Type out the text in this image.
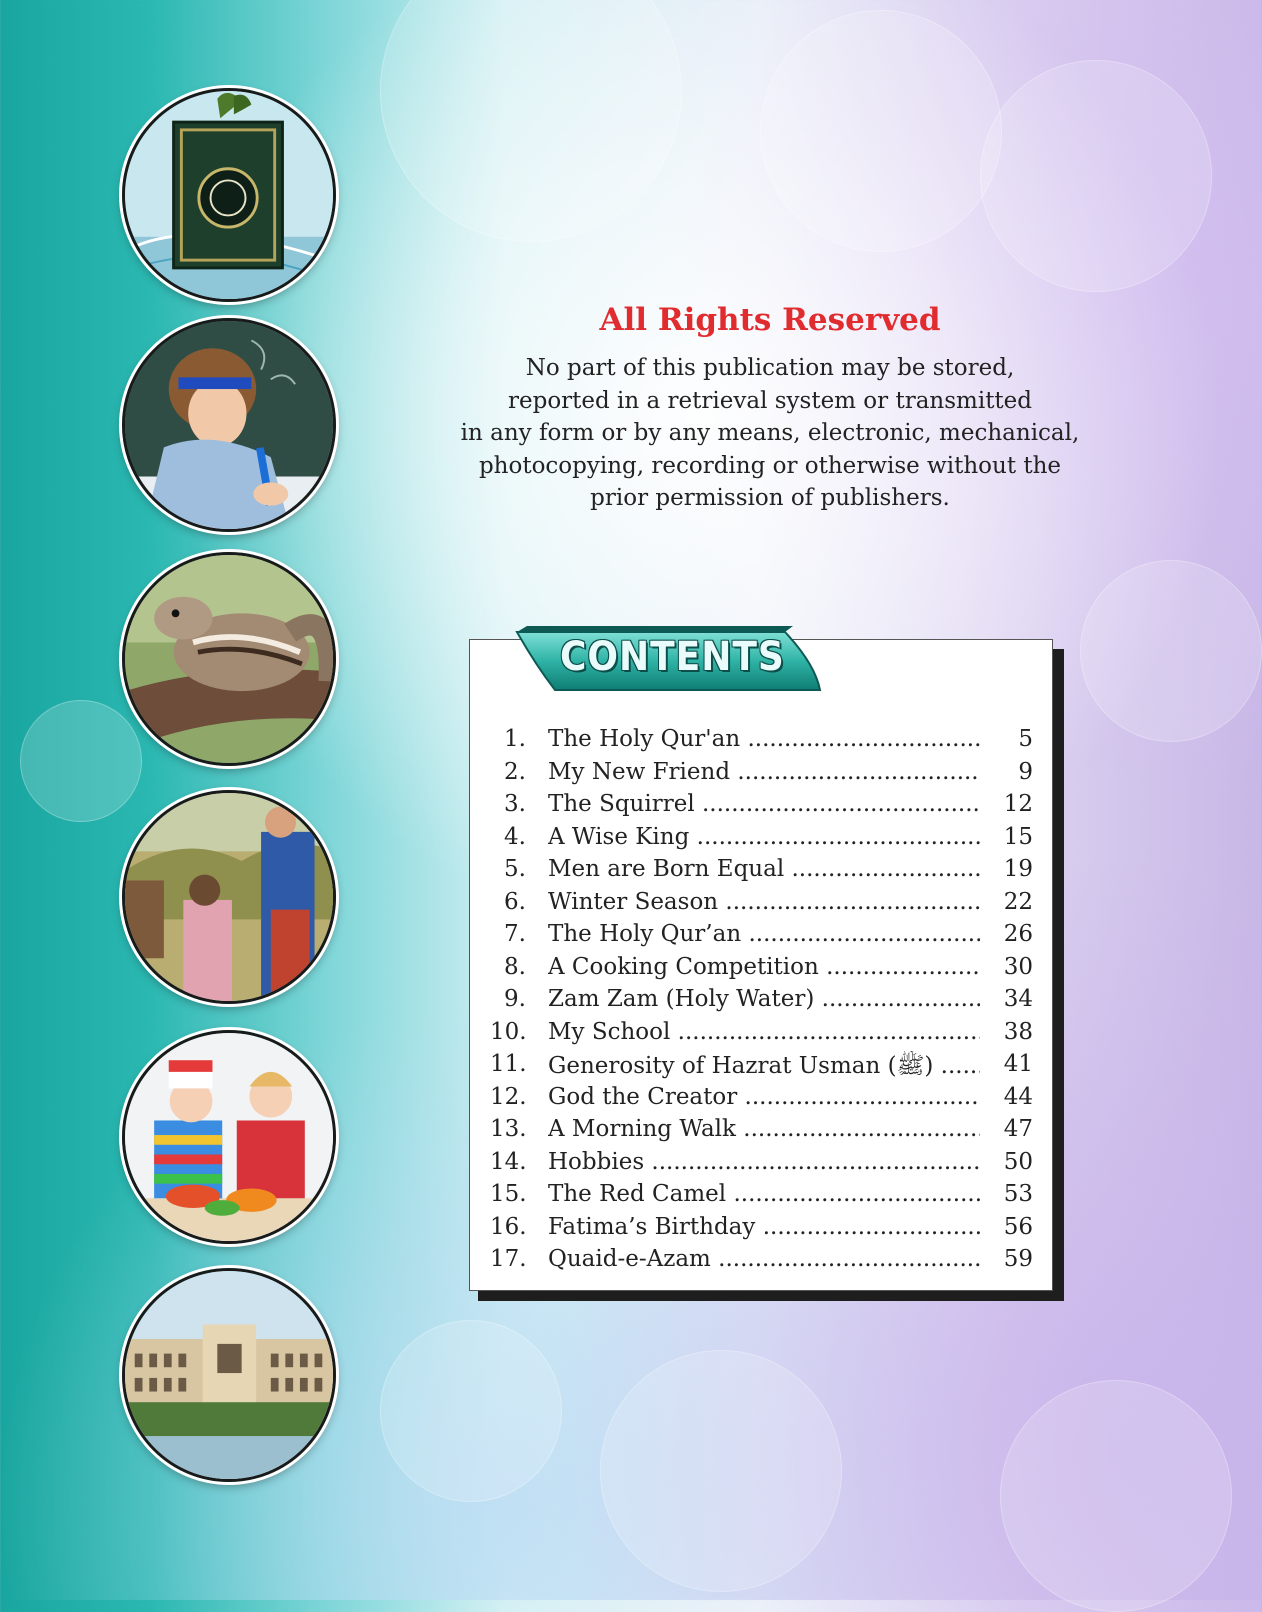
All Rights Reserved
No part of this publication may be stored,
reported in a retrieval system or transmitted
in any form or by any means, electronic, mechanical,
photocopying, recording or otherwise without the
prior permission of publishers.
CONTENTS
1. The Holy Qur'an .....	5
2. My New Friend .....	9
3. The Squirrel .....	12
4. A Wise King .....	15
5. Men are Born Equal .....	19
6. Winter Season .....	22
7. The Holy Qur’an .....	26
8. A Cooking Competition .....	30
9. Zam Zam (Holy Water) .....	34
10. My School .....	38
11. Generosity of Hazrat Usman (ﷺ) .....	41
12. God the Creator .....	44
13. A Morning Walk .....	47
14. Hobbies .....	50
15. The Red Camel .....	53
16. Fatima’s Birthday .....	56
17. Quaid-e-Azam .....	59
